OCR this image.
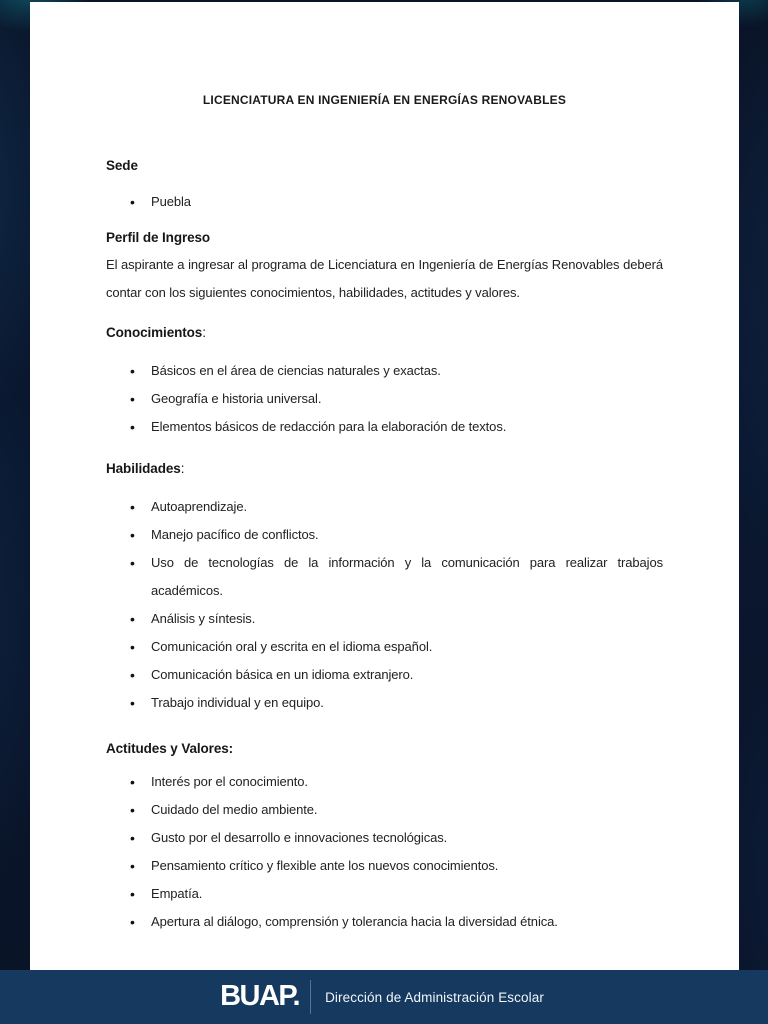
LICENCIATURA EN INGENIERÍA EN ENERGÍAS RENOVABLES
Sede
• Puebla
Perfil de Ingreso

El aspirante a ingresar al programa de Licenciatura en Ingeniería de Energías Renovables deberá contar con los siguientes conocimientos, habilidades, actitudes y valores.

Conocimientos:
• Básicos en el área de ciencias naturales y exactas.
• Geografía e historia universal.
• Elementos básicos de redacción para la elaboración de textos.
Habilidades:
• Autoaprendizaje.
• Manejo pacífico de conflictos.
• Uso de tecnologías de la información y la comunicación para realizar trabajos académicos.
• Análisis y síntesis.
• Comunicación oral y escrita en el idioma español.
• Comunicación básica en un idioma extranjero.
• Trabajo individual y en equipo.
Actitudes y Valores:
• Interés por el conocimiento.
• Cuidado del medio ambiente.
• Gusto por el desarrollo e innovaciones tecnológicas.
• Pensamiento crítico y flexible ante los nuevos conocimientos.
• Empatía.
• Apertura al diálogo, comprensión y tolerancia hacia la diversidad étnica.
BUAP. Dirección de Administración Escolar
